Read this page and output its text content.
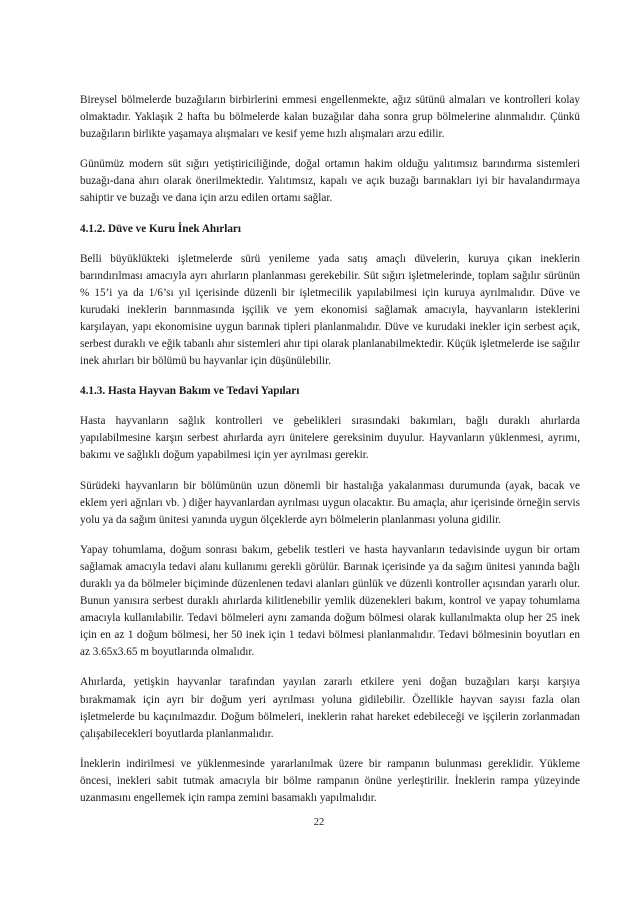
Bireysel bölmelerde buzağıların birbirlerini emmesi engellenmekte, ağız sütünü almaları ve kontrolleri kolay olmaktadır. Yaklaşık 2 hafta bu bölmelerde kalan buzağılar daha sonra grup bölmelerine alınmalıdır. Çünkü buzağıların birlikte yaşamaya alışmaları ve kesif yeme hızlı alışmaları arzu edilir.

Günümüz modern süt sığırı yetiştiriciliğinde, doğal ortamın hakim olduğu yalıtımsız barındırma sistemleri buzağı-dana ahırı olarak önerilmektedir. Yalıtımsız, kapalı ve açık buzağı barınakları iyi bir havalandırmaya sahiptir ve buzağı ve dana için arzu edilen ortamı sağlar.

4.1.2. Düve ve Kuru İnek Ahırları

Belli büyüklükteki işletmelerde sürü yenileme yada satış amaçlı düvelerin, kuruya çıkan ineklerin barındırılması amacıyla ayrı ahırların planlanması gerekebilir. Süt sığırı işletmelerinde, toplam sağılır sürünün % 15’i ya da 1/6’sı yıl içerisinde düzenli bir işletmecilik yapılabilmesi için kuruya ayrılmalıdır. Düve ve kurudaki ineklerin barınmasında işçilik ve yem ekonomisi sağlamak amacıyla, hayvanların isteklerini karşılayan, yapı ekonomisine uygun barınak tipleri planlanmalıdır. Düve ve kurudaki inekler için serbest açık, serbest duraklı ve eğik tabanlı ahır sistemleri ahır tipi olarak planlanabilmektedir. Küçük işletmelerde ise sağılır inek ahırları bir bölümü bu hayvanlar için düşünülebilir.

4.1.3. Hasta Hayvan Bakım ve Tedavi Yapıları

Hasta hayvanların sağlık kontrolleri ve gebelikleri sırasındaki bakımları, bağlı duraklı ahırlarda yapılabilmesine karşın serbest ahırlarda ayrı ünitelere gereksinim duyulur. Hayvanların yüklenmesi, ayrımı, bakımı ve sağlıklı doğum yapabilmesi için yer ayrılması gerekir.

Sürüdeki hayvanların bir bölümünün uzun dönemli bir hastalığa yakalanması durumunda (ayak, bacak ve eklem yeri ağrıları vb. ) diğer hayvanlardan ayrılması uygun olacaktır. Bu amaçla, ahır içerisinde örneğin servis yolu ya da sağım ünitesi yanında uygun ölçeklerde ayrı bölmelerin planlanması yoluna gidilir.

Yapay tohumlama, doğum sonrası bakım, gebelik testleri ve hasta hayvanların tedavisinde uygun bir ortam sağlamak amacıyla tedavi alanı kullanımı gerekli görülür. Barınak içerisinde ya da sağım ünitesi yanında bağlı duraklı ya da bölmeler biçiminde düzenlenen tedavi alanları günlük ve düzenli kontroller açısından yararlı olur. Bunun yanısıra serbest duraklı ahırlarda kilitlenebilir yemlik düzenekleri bakım, kontrol ve yapay tohumlama amacıyla kullanılabilir. Tedavi bölmeleri aynı zamanda doğum bölmesi olarak kullanılmakta olup her 25 inek için en az 1 doğum bölmesi, her 50 inek için 1 tedavi bölmesi planlanmalıdır. Tedavi bölmesinin boyutları en az 3.65x3.65 m boyutlarında olmalıdır.

Ahırlarda, yetişkin hayvanlar tarafından yayılan zararlı etkilere yeni doğan buzağıları karşı karşıya bırakmamak için ayrı bir doğum yeri ayrılması yoluna gidilebilir. Özellikle hayvan sayısı fazla olan işletmelerde bu kaçınılmazdır. Doğum bölmeleri, ineklerin rahat hareket edebileceği ve işçilerin zorlanmadan çalışabilecekleri boyutlarda planlanmalıdır.

İneklerin indirilmesi ve yüklenmesinde yararlanılmak üzere bir rampanın bulunması gereklidir. Yükleme öncesi, inekleri sabit tutmak amacıyla bir bölme rampanın önüne yerleştirilir. İneklerin rampa yüzeyinde uzanmasını engellemek için rampa zemini basamaklı yapılmalıdır.

22
